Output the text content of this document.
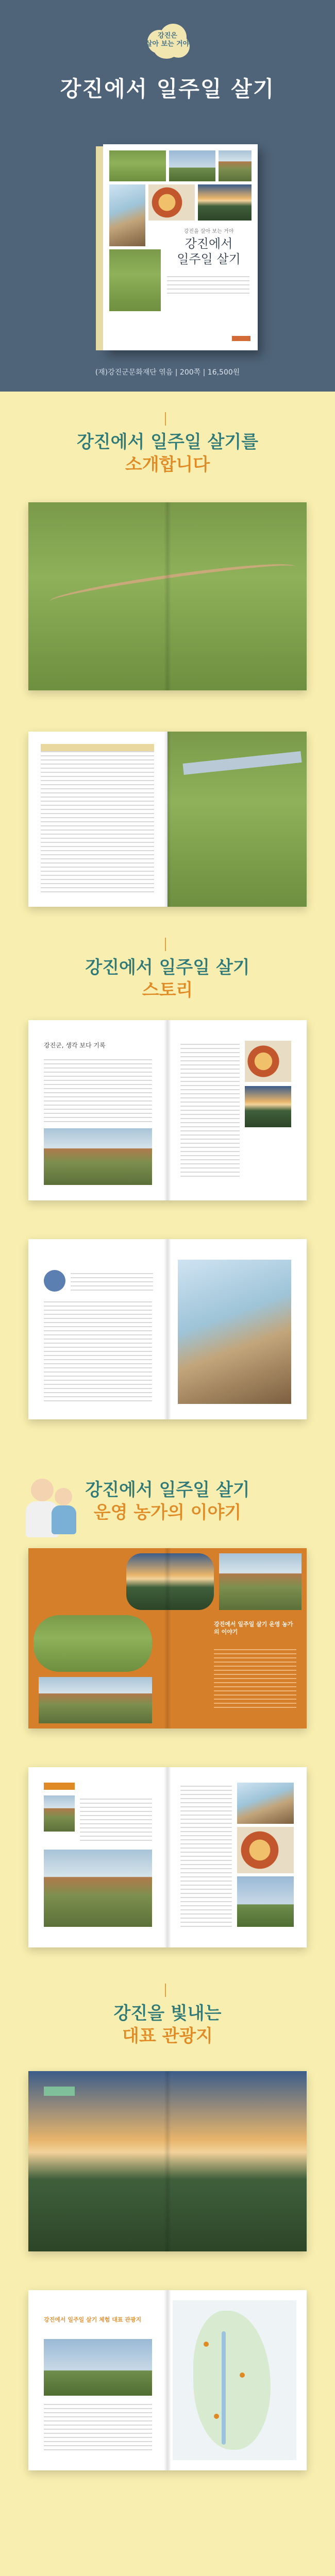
강진은
살아 보는 거야
강진에서 일주일 살기
강진을 살아 보는 거야
강진에서
일주일 살기
(재)강진군문화재단 엮음 | 200쪽 | 16,500원
강진에서 일주일 살기를
소개합니다
강진에서 일주일 살기
스토리
강진군, 생각 보다 기록
강진에서 일주일 살기
운영 농가의 이야기
강진에서 일주일 살기 운영 농가의 이야기
강진을 빛내는
대표 관광지
강진에서 일주일 살기 체험 대표 관광지
